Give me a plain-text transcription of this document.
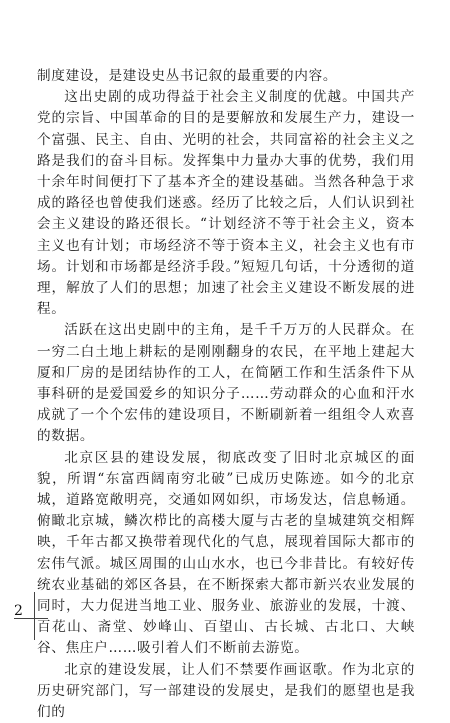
制度建设，是建设史丛书记叙的最重要的内容。

这出史剧的成功得益于社会主义制度的优越。中国共产党的宗旨、中国革命的目的是要解放和发展生产力，建设一个富强、民主、自由、光明的社会，共同富裕的社会主义之路是我们的奋斗目标。发挥集中力量办大事的优势，我们用十余年时间便打下了基本齐全的建设基础。当然各种急于求成的路径也曾使我们迷惑。经历了比较之后，人们认识到社会主义建设的路还很长。“计划经济不等于社会主义，资本主义也有计划；市场经济不等于资本主义，社会主义也有市场。计划和市场都是经济手段。”短短几句话，十分透彻的道理，解放了人们的思想；加速了社会主义建设不断发展的进程。

活跃在这出史剧中的主角，是千千万万的人民群众。在一穷二白土地上耕耘的是刚刚翻身的农民，在平地上建起大厦和厂房的是团结协作的工人，在简陋工作和生活条件下从事科研的是爱国爱乡的知识分子……劳动群众的心血和汗水成就了一个个宏伟的建设项目，不断刷新着一组组令人欢喜的数据。

北京区县的建设发展，彻底改变了旧时北京城区的面貌，所谓“东富西阔南穷北破”已成历史陈迹。如今的北京城，道路宽敞明亮，交通如网如织，市场发达，信息畅通。俯瞰北京城，鳞次栉比的高楼大厦与古老的皇城建筑交相辉映，千年古都又换带着现代化的气息，展现着国际大都市的宏伟气派。城区周围的山山水水，也已今非昔比。有较好传统农业基础的郊区各县，在不断探索大都市新兴农业发展的同时，大力促进当地工业、服务业、旅游业的发展，十渡、百花山、斋堂、妙峰山、百望山、古长城、古北口、大峡谷、焦庄户……吸引着人们不断前去游览。

北京的建设发展，让人们不禁要作画讴歌。作为北京的历史研究部门，写一部建设的发展史，是我们的愿望也是我们的

2
